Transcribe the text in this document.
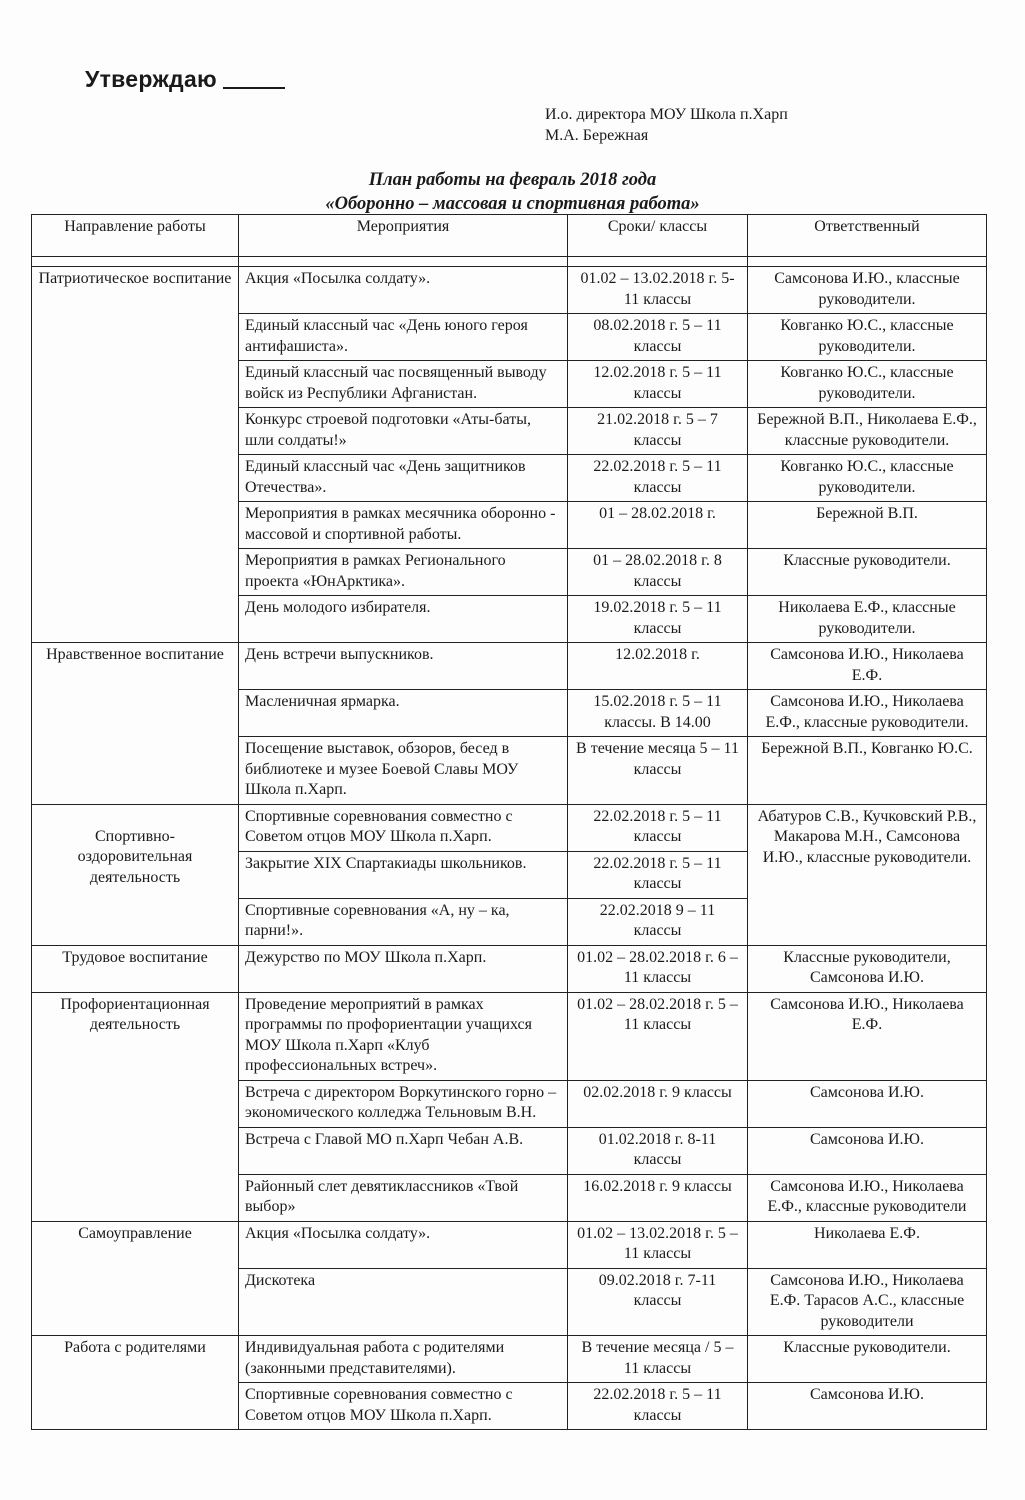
Утверждаю
И.о. директора МОУ Школа п.Харп
М.А. Бережная
План работы на февраль 2018 года
«Оборонно – массовая и спортивная работа»
Направление работы	Мероприятия	Сроки/ классы	Ответственный

Патриотическое воспитание	Акция «Посылка солдату».	01.02 – 13.02.2018 г. 5-11 классы	Самсонова И.Ю., классные руководители.
	Единый классный час «День юного героя антифашиста».	08.02.2018 г. 5 – 11 классы	Ковганко Ю.С., классные руководители.
	Единый классный час посвященный выводу войск из Республики Афганистан.	12.02.2018 г. 5 – 11 классы	Ковганко Ю.С., классные руководители.
	Конкурс строевой подготовки «Аты-баты, шли солдаты!»	21.02.2018 г. 5 – 7 классы	Бережной В.П., Николаева Е.Ф., классные руководители.
	Единый классный час «День защитников Отечества».	22.02.2018 г. 5 – 11 классы	Ковганко Ю.С., классные руководители.
	Мероприятия в рамках месячника оборонно - массовой и спортивной работы.	01 – 28.02.2018 г.	Бережной В.П.
	Мероприятия в рамках Регионального проекта «ЮнАрктика».	01 – 28.02.2018 г. 8 классы	Классные руководители.
	День молодого избирателя.	19.02.2018 г. 5 – 11 классы	Николаева Е.Ф., классные руководители.
Нравственное воспитание	День встречи выпускников.	12.02.2018 г.	Самсонова И.Ю., Николаева Е.Ф.
	Масленичная ярмарка.	15.02.2018 г. 5 – 11 классы. В 14.00	Самсонова И.Ю., Николаева Е.Ф., классные руководители.
	Посещение выставок, обзоров, бесед в библиотеке и музее Боевой Славы МОУ Школа п.Харп.	В течение месяца 5 – 11 классы	Бережной В.П., Ковганко Ю.С.
Спортивно-оздоровительная деятельность	Спортивные соревнования совместно с Советом отцов МОУ Школа п.Харп.	22.02.2018 г. 5 – 11 классы	Абатуров С.В., Кучковский Р.В., Макарова М.Н., Самсонова И.Ю., классные руководители.
	Закрытие XIX Спартакиады школьников.	22.02.2018 г. 5 – 11 классы	
	Спортивные соревнования «А, ну – ка, парни!».	22.02.2018 9 – 11 классы	
Трудовое воспитание	Дежурство по МОУ Школа п.Харп.	01.02 – 28.02.2018 г. 6 – 11 классы	Классные руководители, Самсонова И.Ю.
Профориентационная деятельность	Проведение мероприятий в рамках программы по профориентации учащихся МОУ Школа п.Харп «Клуб профессиональных встреч».	01.02 – 28.02.2018 г. 5 – 11 классы	Самсонова И.Ю., Николаева Е.Ф.
	Встреча с директором Воркутинского горно – экономического колледжа Тельновым В.Н.	02.02.2018 г. 9 классы	Самсонова И.Ю.
	Встреча с Главой МО п.Харп Чебан А.В.	01.02.2018 г. 8-11 классы	Самсонова И.Ю.
	Районный слет девятиклассников «Твой выбор»	16.02.2018 г. 9 классы	Самсонова И.Ю., Николаева Е.Ф., классные руководители
Самоуправление	Акция «Посылка солдату».	01.02 – 13.02.2018 г. 5 – 11 классы	Николаева Е.Ф.
	Дискотека	09.02.2018 г. 7-11 классы	Самсонова И.Ю., Николаева Е.Ф. Тарасов А.С., классные руководители
Работа с родителями	Индивидуальная работа с родителями (законными представителями).	В течение месяца / 5 – 11 классы	Классные руководители.
	Спортивные соревнования совместно с Советом отцов МОУ Школа п.Харп.	22.02.2018 г. 5 – 11 классы	Самсонова И.Ю.
